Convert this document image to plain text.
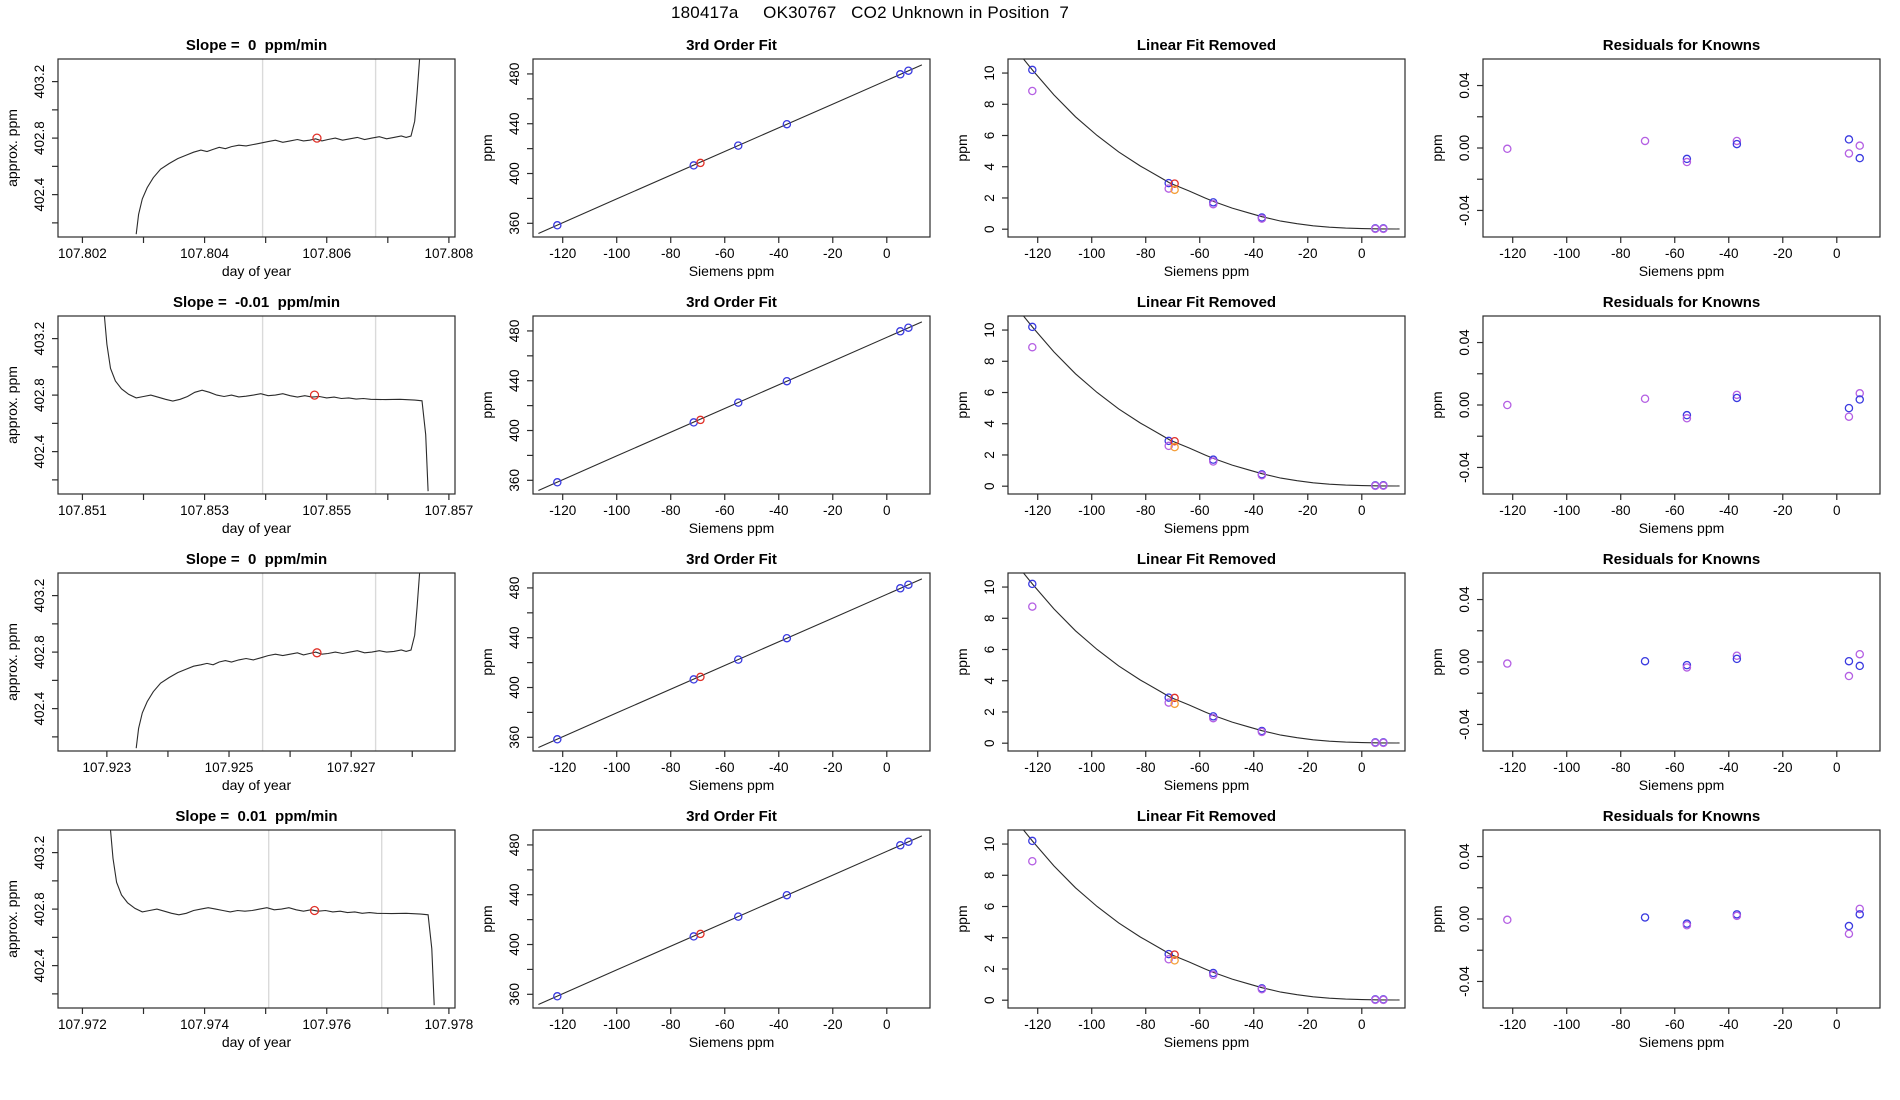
180417a     OK30767   CO2 Unknown in Position  7
107.802	107.804	107.806	107.808
day of year
402.4
402.8
403.2
approx. ppm
Slope =  0  ppm/min
-120 -100 -80	-60	-40	-20	0
Siemens ppm
360
400
440
480
ppm
3rd Order Fit
-120 -100 -80	-60	-40	-20	0
Siemens ppm
0
2
4
6
8
10
ppm
Linear Fit Removed
-120 -100 -80	-60	-40	-20	0
Siemens ppm
-0.04
0.00
0.04
ppm
Residuals for Knowns
107.851	107.853	107.855	107.857
day of year
402.4
402.8
403.2
approx. ppm
Slope =  -0.01  ppm/min
-120 -100 -80	-60	-40	-20	0
Siemens ppm
360
400
440
480
ppm
3rd Order Fit
-120 -100 -80	-60	-40	-20	0
Siemens ppm
0
2
4
6
8
10
ppm
Linear Fit Removed
-120 -100 -80	-60	-40	-20	0
Siemens ppm
-0.04
0.00
0.04
ppm
Residuals for Knowns
107.923	107.925	107.927
day of year
402.4
402.8
403.2
approx. ppm
Slope =  0  ppm/min
-120 -100 -80	-60	-40	-20	0
Siemens ppm
360
400
440
480
ppm
3rd Order Fit
-120 -100 -80	-60	-40	-20	0
Siemens ppm
0
2
4
6
8
10
ppm
Linear Fit Removed
-120 -100 -80	-60	-40	-20	0
Siemens ppm
-0.04
0.00
0.04
ppm
Residuals for Knowns
107.972	107.974	107.976	107.978
day of year
402.4
402.8
403.2
approx. ppm
Slope =  0.01  ppm/min
-120 -100 -80	-60	-40	-20	0
Siemens ppm
360
400
440
480
ppm
3rd Order Fit
-120 -100 -80	-60	-40	-20	0
Siemens ppm
0
2
4
6
8
10
ppm
Linear Fit Removed
-120 -100 -80	-60	-40	-20	0
Siemens ppm
-0.04
0.00
0.04
ppm
Residuals for Knowns
